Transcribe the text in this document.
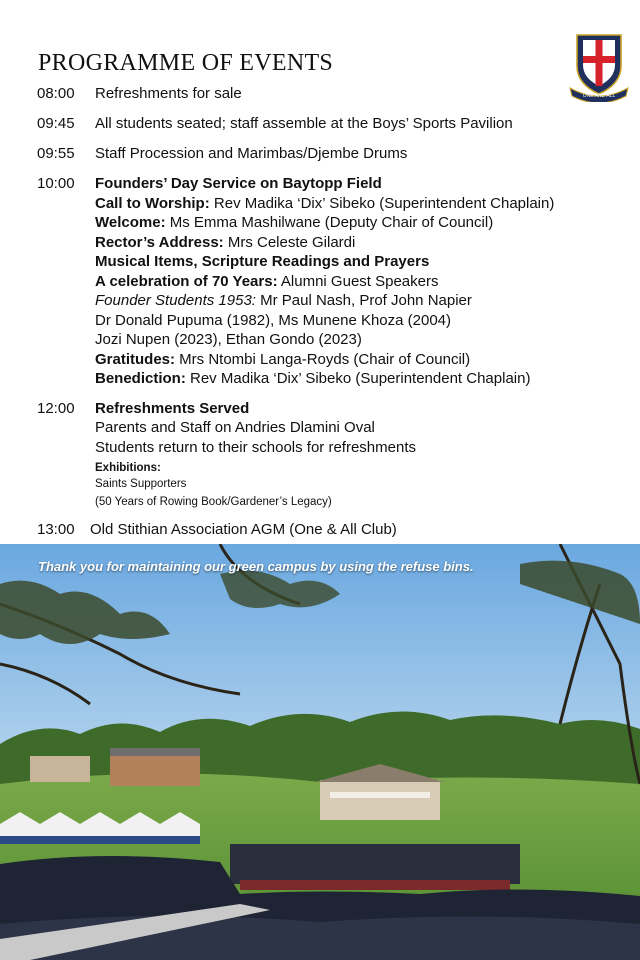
PROGRAMME OF EVENTS
ONE AND ALL
08:00	Refreshments for sale
09:45	All students seated; staff assemble at the Boys’ Sports Pavilion
09:55	Staff Procession and Marimbas/Djembe Drums
10:00	Founders’ Day Service on Baytopp Field
Call to Worship: Rev Madika ‘Dix’ Sibeko (Superintendent Chaplain)
Welcome: Ms Emma Mashilwane (Deputy Chair of Council)
Rector’s Address: Mrs Celeste Gilardi
Musical Items, Scripture Readings and Prayers
A celebration of 70 Years: Alumni Guest Speakers
Founder Students 1953: Mr Paul Nash, Prof John Napier
Dr Donald Pupuma (1982), Ms Munene Khoza (2004)
Jozi Nupen (2023), Ethan Gondo (2023)
Gratitudes: Mrs Ntombi Langa-Royds (Chair of Council)
Benediction: Rev Madika ‘Dix’ Sibeko (Superintendent Chaplain)
12:00	Refreshments Served
Parents and Staff on Andries Dlamini Oval
Students return to their schools for refreshments
Exhibitions:
Saints Supporters
(50 Years of Rowing Book/Gardener’s Legacy)
13:00	Old Stithian Association AGM (One & All Club)
Thank you for maintaining our green campus by using the refuse bins.
